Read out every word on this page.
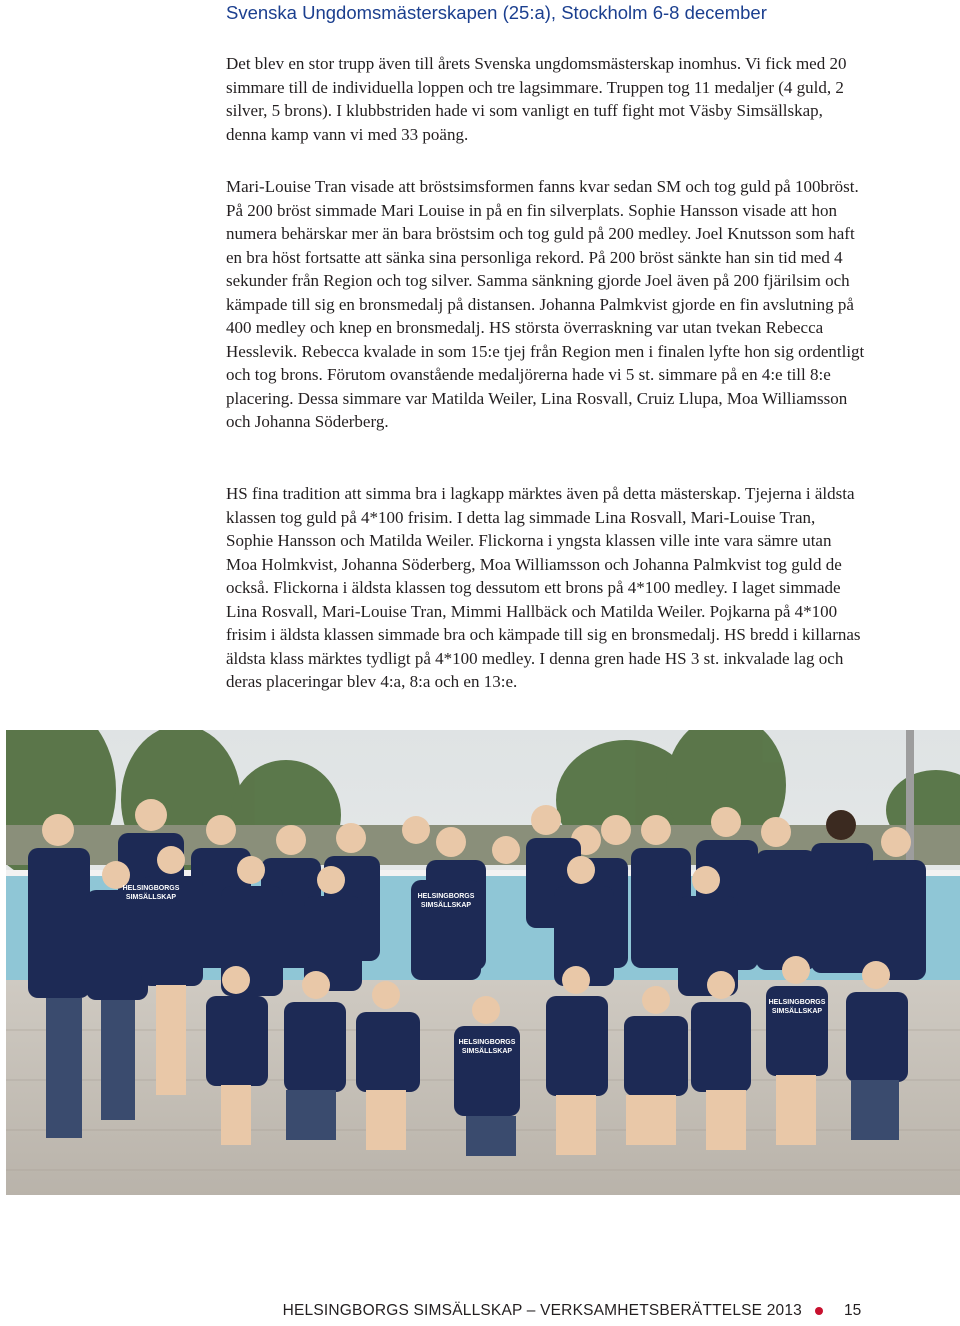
Svenska Ungdomsmästerskapen (25:a), Stockholm 6-8 december

Det blev en stor trupp även till årets Svenska ungdomsmästerskap inomhus. Vi fick med 20 simmare till de individuella loppen och tre lagsimmare. Truppen tog 11 medaljer (4 guld, 2 silver, 5 brons). I klubbstriden hade vi som vanligt en tuff fight mot Väsby Simsällskap, denna kamp vann vi med 33 poäng.

Mari-Louise Tran visade att bröstsimsformen fanns kvar sedan SM och tog guld på 100bröst. På 200 bröst simmade Mari Louise in på en fin silverplats. Sophie Hansson visade att hon numera behärskar mer än bara bröstsim och tog guld på 200 medley. Joel Knutsson som haft en bra höst fortsatte att sänka sina personliga rekord. På 200 bröst sänkte han sin tid med 4 sekunder från Region och tog silver. Samma sänkning gjorde Joel även på 200 fjärilsim och kämpade till sig en bronsmedalj på distansen. Johanna Palmkvist gjorde en fin avslutning på 400 medley och knep en bronsmedalj. HS största överraskning var utan tvekan Rebecca Hesslevik. Rebecca kvalade in som 15:e tjej från Region men i finalen lyfte hon sig ordentligt och tog brons. Förutom ovanstående medaljörerna hade vi 5 st. simmare på en 4:e till 8:e placering. Dessa simmare var Matilda Weiler, Lina Rosvall, Cruiz Llupa, Moa Williamsson och Johanna Söderberg.

HS fina tradition att simma bra i lagkapp märktes även på detta mästerskap. Tjejerna i äldsta klassen tog guld på 4*100 frisim. I detta lag simmade Lina Rosvall, Mari-Louise Tran, Sophie Hansson och Matilda Weiler. Flickorna i yngsta klassen ville inte vara sämre utan Moa Holmkvist, Johanna Söderberg, Moa Williamsson och Johanna Palmkvist tog guld de också. Flickorna i äldsta klassen tog dessutom ett brons på 4*100 medley. I laget simmade Lina Rosvall, Mari-Louise Tran, Mimmi Hallbäck och Matilda Weiler. Pojkarna på 4*100 frisim i äldsta klassen simmade bra och kämpade till sig en bronsmedalj. HS bredd i killarnas äldsta klass märktes tydligt på 4*100 medley. I denna gren hade HS 3 st. inkvalade lag och deras placeringar blev 4:a, 8:a och en 13:e.

HELSINGBORGS
SIMSÄLLSKAP	HELSINGBORGS
SIMSÄLLSKAP
HELSINGBORGS
SIMSÄLLSKAP
HELSINGBORGS
SIMSÄLLSKAP
HELSINGBORGS SIMSÄLLSKAP – VERKSAMHETSBERÄTTELSE 2013	15
